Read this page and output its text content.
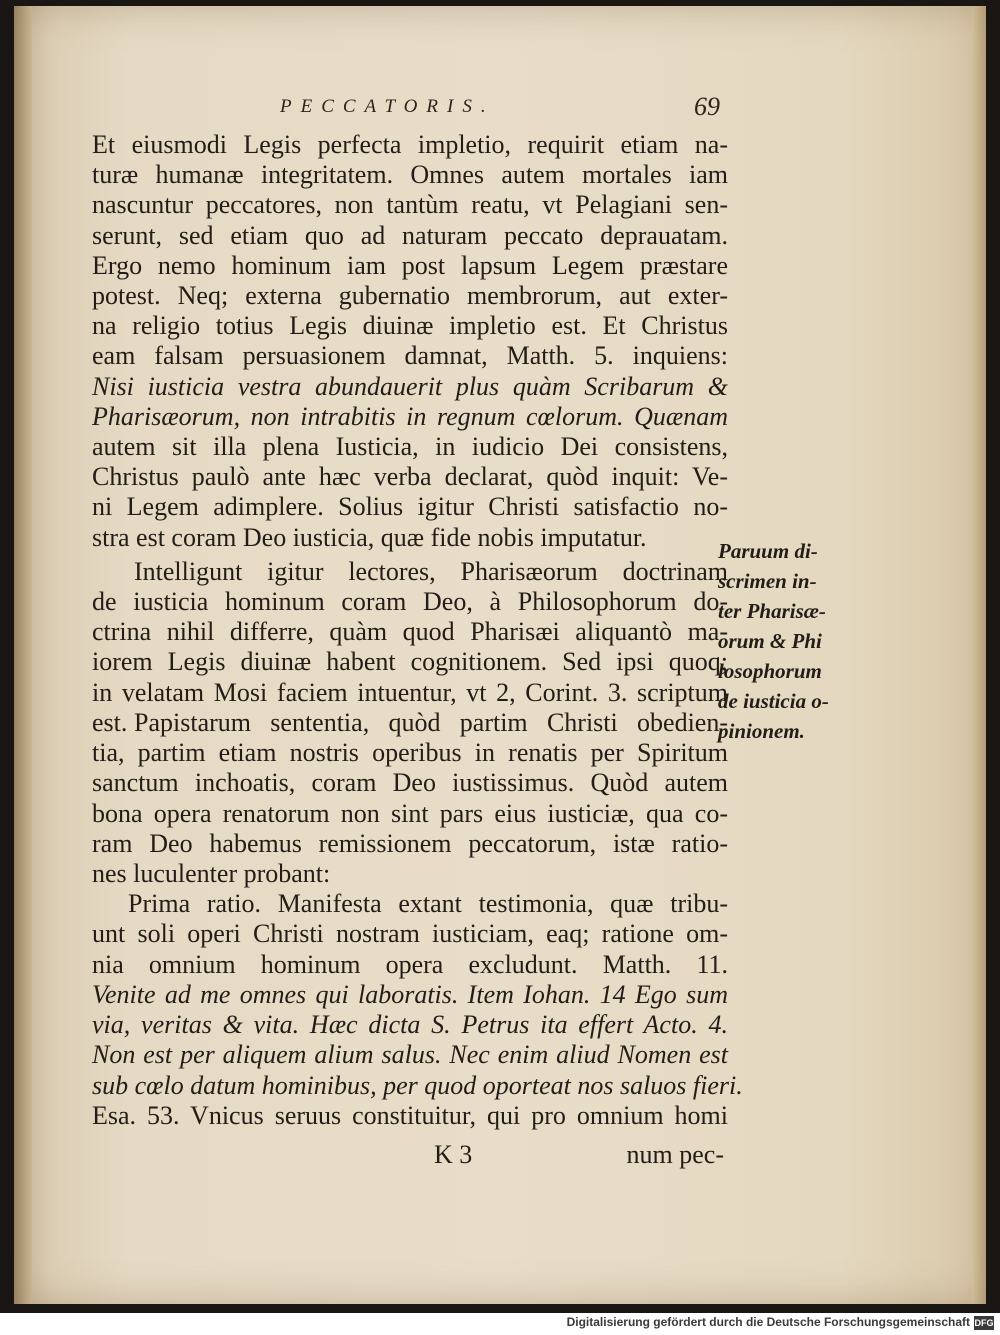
PECCATORIS.	69
Et eiusmodi Legis perfecta impletio, requirit etiam na-
turæ humanæ integritatem. Omnes autem mortales iam
nascuntur peccatores, non tantùm reatu, vt Pelagiani sen-
serunt, sed etiam quo ad naturam peccato deprauatam.
Ergo nemo hominum iam post lapsum Legem præstare
potest. Neq; externa gubernatio membrorum, aut exter-
na religio totius Legis diuinæ impletio est. Et Christus
eam falsam persuasionem damnat, Matth. 5. inquiens:
Nisi iusticia vestra abundauerit plus quàm Scribarum &
Pharisæorum, non intrabitis in regnum cœlorum. Quænam
autem sit illa plena Iusticia, in iudicio Dei consistens,
Christus paulò ante hæc verba declarat, quòd inquit: Ve-
ni Legem adimplere. Solius igitur Christi satisfactio no-
stra est coram Deo iusticia, quæ fide nobis imputatur.
Intelligunt igitur lectores, Pharisæorum doctrinam
de iusticia hominum coram Deo, à Philosophorum do-
ctrina nihil differre, quàm quod Pharisæi aliquantò ma-
iorem Legis diuinæ habent cognitionem. Sed ipsi quoq;
in velatam Mosi faciem intuentur, vt 2, Corint. 3. scriptum
est. Papistarum sententia, quòd partim Christi obedien-
tia, partim etiam nostris operibus in renatis per Spiritum
sanctum inchoatis, coram Deo iustissimus. Quòd autem
bona opera renatorum non sint pars eius iusticiæ, qua co-
ram Deo habemus remissionem peccatorum, istæ ratio-
nes luculenter probant:
Prima ratio. Manifesta extant testimonia, quæ tribu-
unt soli operi Christi nostram iusticiam, eaq; ratione om-
nia omnium hominum opera excludunt. Matth. 11.
Venite ad me omnes qui laboratis. Item Iohan. 14 Ego sum
via, veritas & vita. Hæc dicta S. Petrus ita effert Acto. 4.
Non est per aliquem alium salus. Nec enim aliud Nomen est
sub cœlo datum hominibus, per quod oporteat nos saluos fieri.
Esa. 53. Vnicus seruus constituitur, qui pro omnium homi
Paruum di-
scrimen in-
ter Pharisæ-
orum & Phi
losophorum
de iusticia o-
pinionem.
K 3	num pec-
Digitalisierung gefördert durch die Deutsche Forschungsgemeinschaft DFG
